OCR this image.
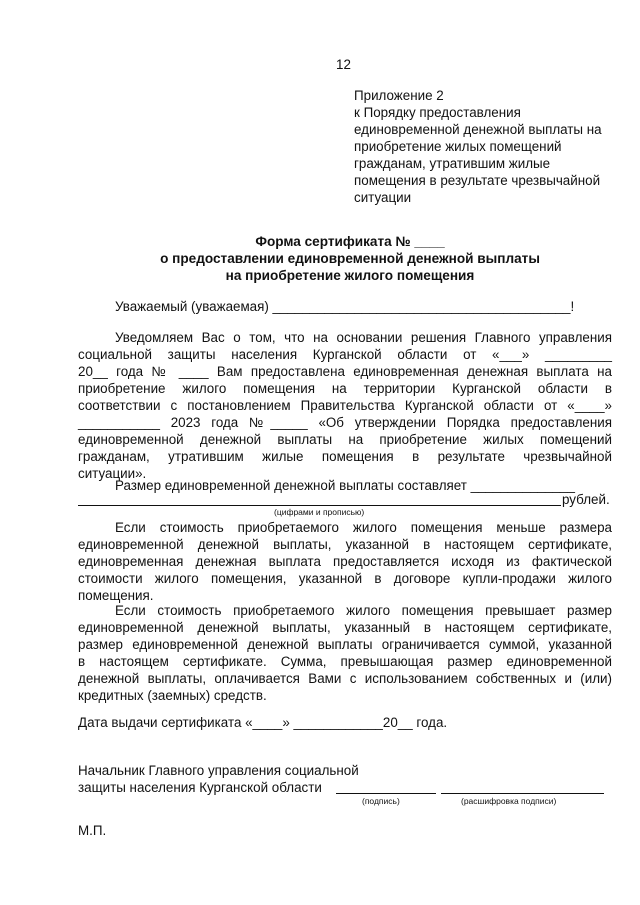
12
Приложение 2
к Порядку предоставления
единовременной денежной выплаты на
приобретение жилых помещений
гражданам, утратившим жилые
помещения в результате чрезвычайной
ситуации
Форма сертификата № ____
о предоставлении единовременной денежной выплаты
на приобретение жилого помещения
Уважаемый (уважаемая) ________________________________________!
Уведомляем Вас о том, что на основании решения Главного управления
социальной защиты населения Курганской области от «___» _________
20__ года № ____ Вам предоставлена единовременная денежная выплата на
приобретение жилого помещения на территории Курганской области в
соответствии с постановлением Правительства Курганской области от «____»
___________ 2023 года №_____ «Об утверждении Порядка предоставления
единовременной денежной выплаты на приобретение жилых помещений
гражданам, утратившим жилые помещения в результате чрезвычайной
ситуации».
Размер единовременной денежной выплаты составляет ______________
рублей.
(цифрами и прописью)
Если стоимость приобретаемого жилого помещения меньше размера
единовременной денежной выплаты, указанной в настоящем сертификате,
единовременная денежная выплата предоставляется исходя из фактической
стоимости жилого помещения, указанной в договоре купли-продажи жилого
помещения.
Если стоимость приобретаемого жилого помещения превышает размер
единовременной денежной выплаты, указанный в настоящем сертификате,
размер единовременной денежной выплаты ограничивается суммой, указанной
в настоящем сертификате. Сумма, превышающая размер единовременной
денежной выплаты, оплачивается Вами с использованием собственных и (или)
кредитных (заемных) средств.
Дата выдачи сертификата «____» ____________20__ года.
Начальник Главного управления социальной
защиты населения Курганской области
(подпись)	(расшифровка подписи)
М.П.
